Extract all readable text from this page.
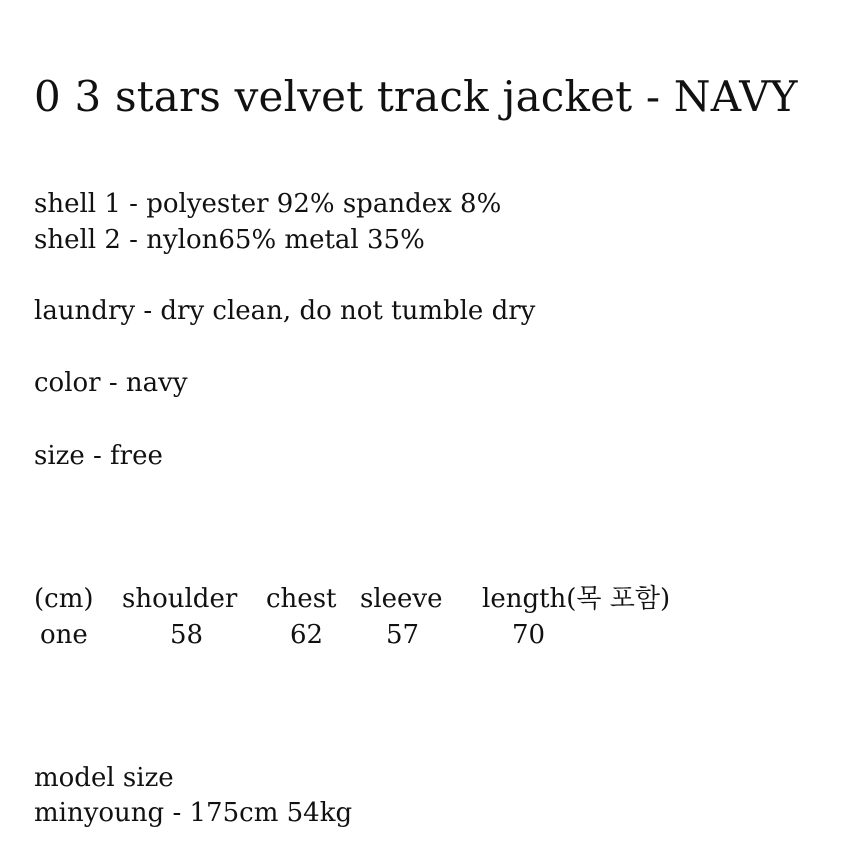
0 3 stars velvet track jacket - NAVY
shell 1 - polyester 92% spandex 8%
shell 2 - nylon65% metal 35%
laundry - dry clean, do not tumble dry
color - navy
size - free
(cm) shoulder chest sleeve length(목 포함)
one	58	62 57	70
model size
minyoung - 175cm 54kg
